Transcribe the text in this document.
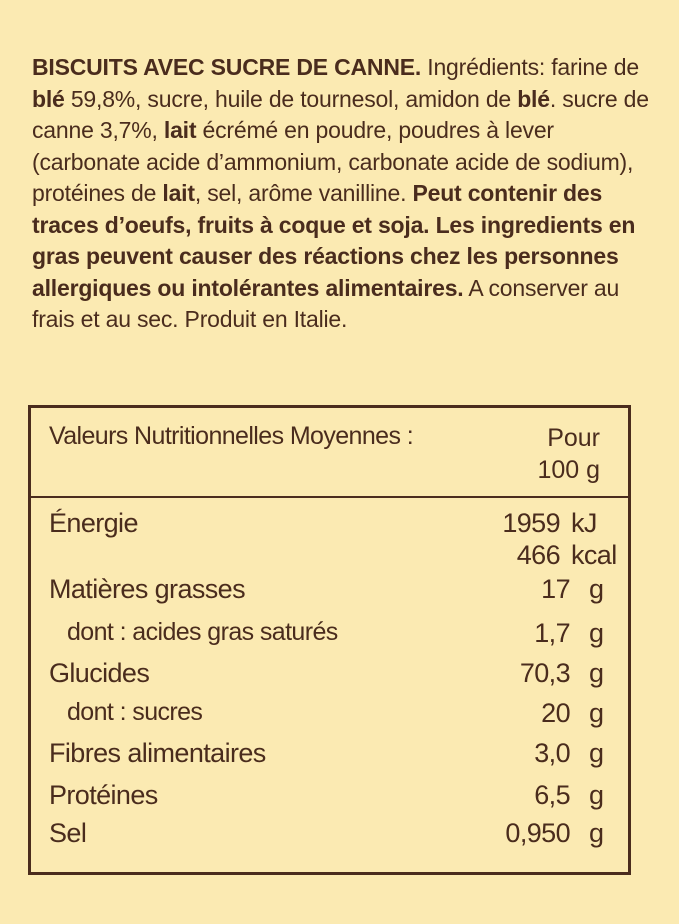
BISCUITS AVEC SUCRE DE CANNE. Ingrédients: farine de blé 59,8%, sucre, huile de tournesol, amidon de blé. sucre de canne 3,7%, lait écrémé en poudre, poudres à lever (carbonate acide d’ammonium, carbonate acide de sodium), protéines de lait, sel, arôme vanilline. Peut contenir des traces d’oeufs, fruits à coque et soja. Les ingredients en gras peuvent causer des réactions chez les personnes allergiques ou intolérantes alimentaires. A conserver au frais et au sec. Produit en Italie.
Valeurs Nutritionnelles Moyennes :	Pour
100 g
Énergie	1959 kJ
466 kcal
Matières grasses	17 g
dont : acides gras saturés	1,7 g
Glucides	70,3 g
dont : sucres	20 g
Fibres alimentaires	3,0 g
Protéines	6,5 g
Sel	0,950 g
